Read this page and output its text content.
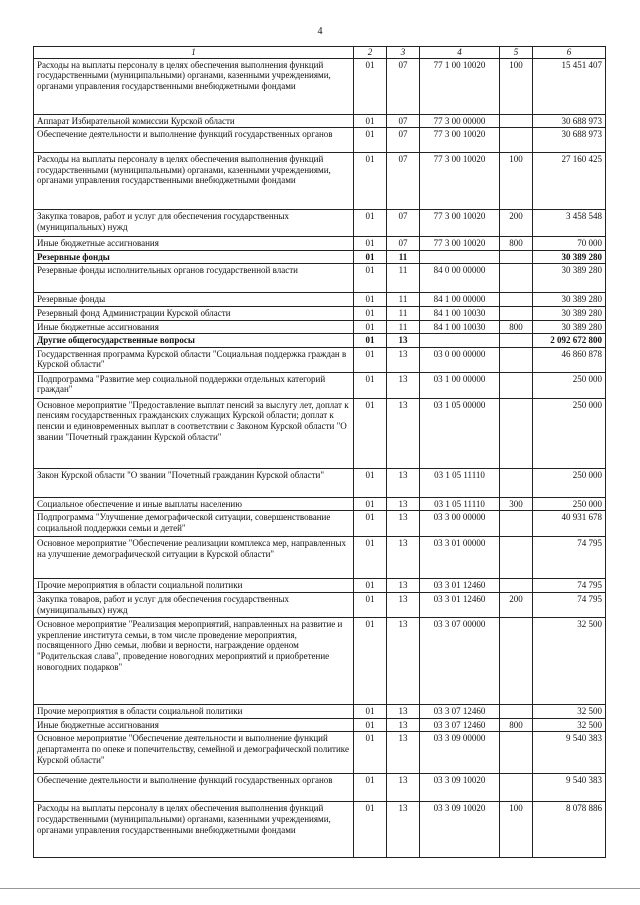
4
1	2	3	4	5	6
Расходы на выплаты персоналу в целях обеспечения выполнения функций государственными (муниципальными) органами, казенными учреждениями, органами управления государственными внебюджетными фондами	01	07	77 1 00 10020	100	15 451 407
Аппарат Избирательной комиссии Курской области	01	07	77 3 00 00000		30 688 973
Обеспечение деятельности и выполнение функций государственных органов	01	07	77 3 00 10020		30 688 973
Расходы на выплаты персоналу в целях обеспечения выполнения функций государственными (муниципальными) органами, казенными учреждениями, органами управления государственными внебюджетными фондами	01	07	77 3 00 10020	100	27 160 425
Закупка товаров, работ и услуг для обеспечения государственных (муниципальных) нужд	01	07	77 3 00 10020	200	3 458 548
Иные бюджетные ассигнования	01	07	77 3 00 10020	800	70 000
Резервные фонды	01	11			30 389 280
Резервные фонды исполнительных органов государственной власти	01	11	84 0 00 00000		30 389 280
Резервные фонды	01	11	84 1 00 00000		30 389 280
Резервный фонд Администрации Курской области	01	11	84 1 00 10030		30 389 280
Иные бюджетные ассигнования	01	11	84 1 00 10030	800	30 389 280
Другие общегосударственные вопросы	01	13			2 092 672 800
Государственная программа Курской области "Социальная поддержка граждан в Курской области"	01	13	03 0 00 00000		46 860 878
Подпрограмма "Развитие мер социальной поддержки отдельных категорий граждан"	01	13	03 1 00 00000		250 000
Основное мероприятие "Предоставление выплат пенсий за выслугу лет, доплат к пенсиям государственных гражданских служащих Курской области; доплат к пенсии и единовременных выплат в соответствии с Законом Курской области "О звании "Почетный гражданин Курской области"	01	13	03 1 05 00000		250 000
Закон Курской области "О звании "Почетный гражданин Курской области"	01	13	03 1 05 11110		250 000
Социальное обеспечение и иные выплаты населению	01	13	03 1 05 11110	300	250 000
Подпрограмма "Улучшение демографической ситуации, совершенствование социальной поддержки семьи и детей"	01	13	03 3 00 00000		40 931 678
Основное мероприятие "Обеспечение реализации комплекса мер, направленных на улучшение демографической ситуации в Курской области"	01	13	03 3 01 00000		74 795
Прочие мероприятия в области социальной политики	01	13	03 3 01 12460		74 795
Закупка товаров, работ и услуг для обеспечения государственных (муниципальных) нужд	01	13	03 3 01 12460	200	74 795
Основное мероприятие "Реализация мероприятий, направленных на развитие и укрепление института семьи, в том числе проведение мероприятия, посвященного Дню семьи, любви и верности, награждение орденом "Родительская слава", проведение новогодних мероприятий и приобретение новогодних подарков"	01	13	03 3 07 00000		32 500
Прочие мероприятия в области социальной политики	01	13	03 3 07 12460		32 500
Иные бюджетные ассигнования	01	13	03 3 07 12460	800	32 500
Основное мероприятие "Обеспечение деятельности и выполнение функций департамента по опеке и попечительству, семейной и демографической политике Курской области"	01	13	03 3 09 00000		9 540 383
Обеспечение деятельности и выполнение функций государственных органов	01	13	03 3 09 10020		9 540 383
Расходы на выплаты персоналу в целях обеспечения выполнения функций государственными (муниципальными) органами, казенными учреждениями, органами управления государственными внебюджетными фондами	01	13	03 3 09 10020	100	8 078 886
